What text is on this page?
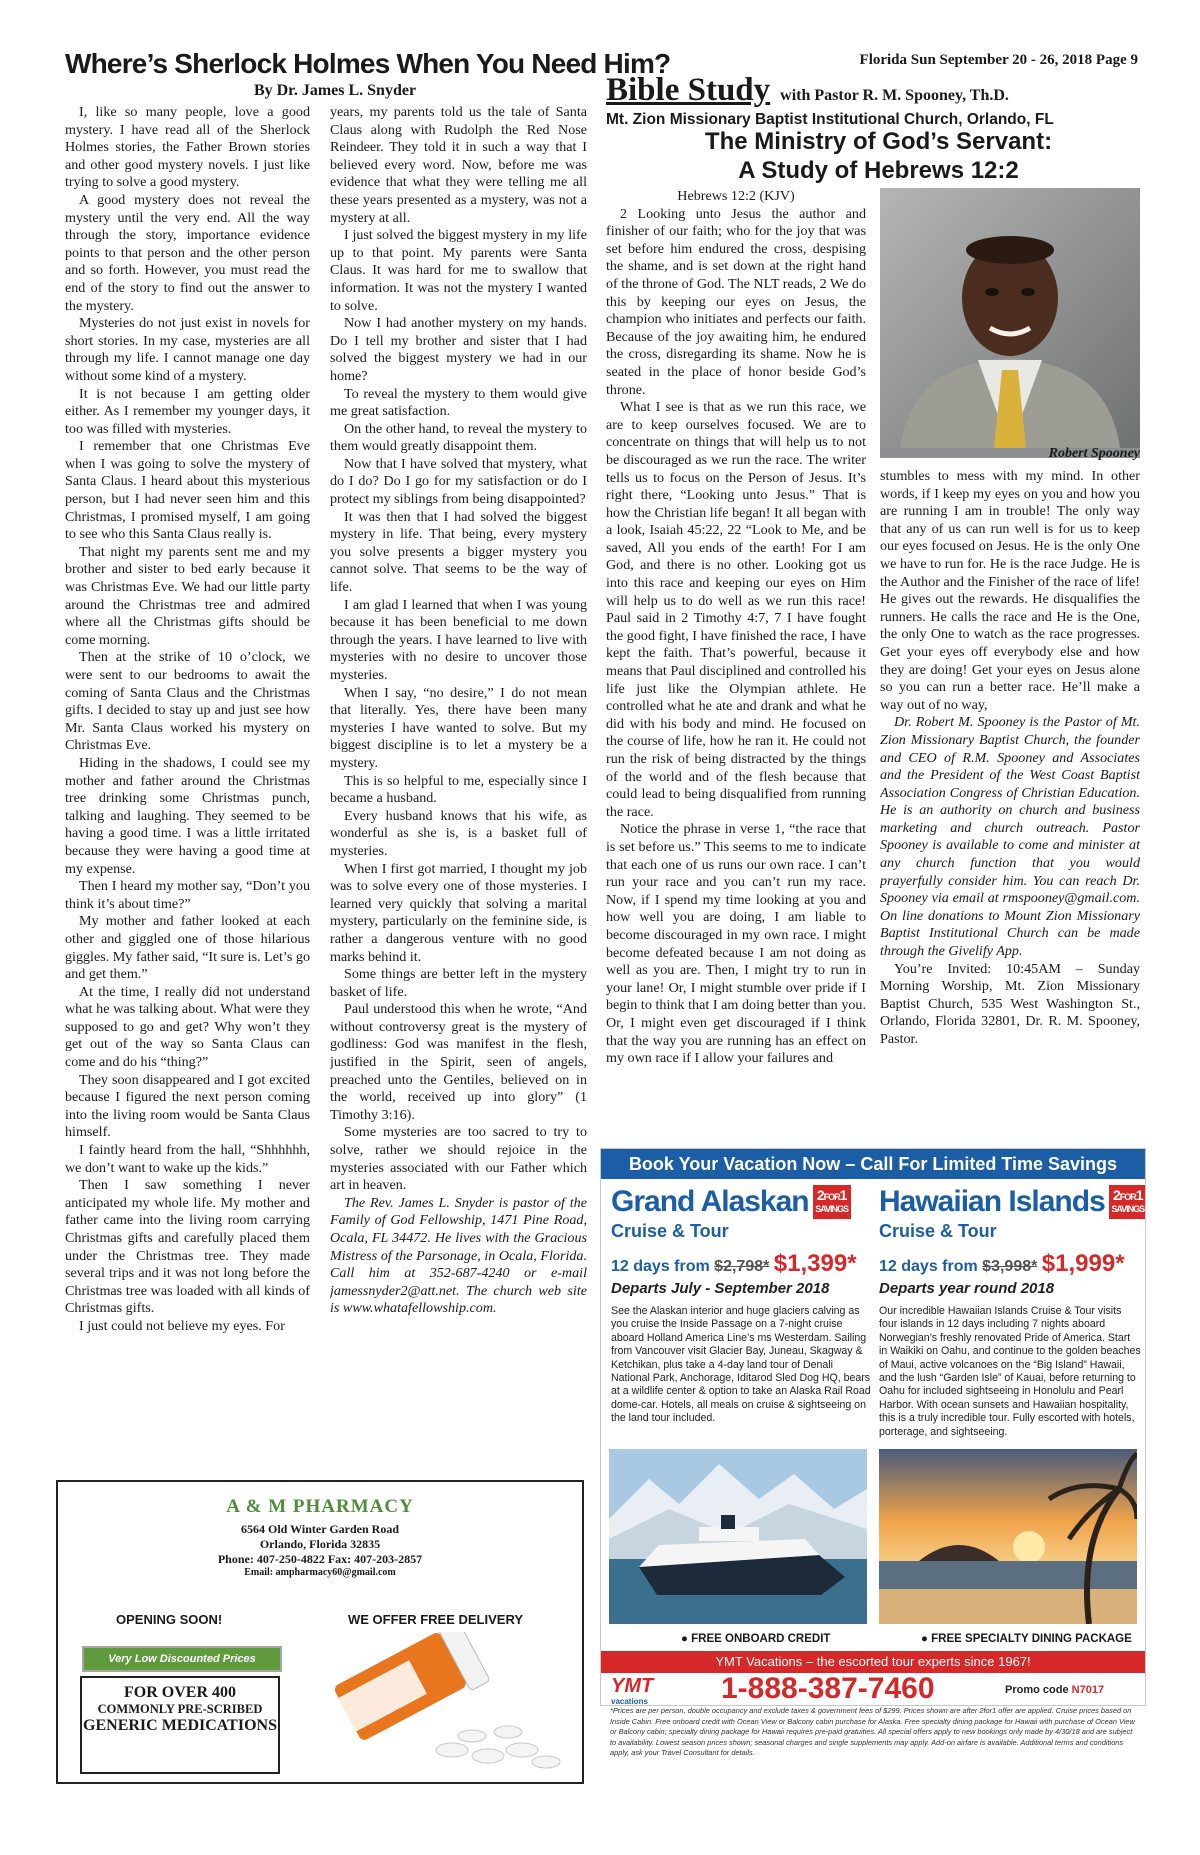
Where’s Sherlock Holmes When You Need Him?
By Dr. James L. Snyder

I, like so many people, love a good mystery. I have read all of the Sherlock Holmes stories, the Father Brown stories and other good mystery novels. I just like trying to solve a good mystery.

A good mystery does not reveal the mystery until the very end. All the way through the story, importance evidence points to that person and the other person and so forth. However, you must read the end of the story to find out the answer to the mystery.

Mysteries do not just exist in novels for short stories. In my case, mysteries are all through my life. I cannot manage one day without some kind of a mystery.

It is not because I am getting older either. As I remember my younger days, it too was filled with mysteries.

I remember that one Christmas Eve when I was going to solve the mystery of Santa Claus. I heard about this mysterious person, but I had never seen him and this Christmas, I promised myself, I am going to see who this Santa Claus really is.

That night my parents sent me and my brother and sister to bed early because it was Christmas Eve. We had our little party around the Christmas tree and admired where all the Christmas gifts should be come morning.

Then at the strike of 10 o’clock, we were sent to our bedrooms to await the coming of Santa Claus and the Christmas gifts. I decided to stay up and just see how Mr. Santa Claus worked his mystery on Christmas Eve.

Hiding in the shadows, I could see my mother and father around the Christmas tree drinking some Christmas punch, talking and laughing. They seemed to be having a good time. I was a little irritated because they were having a good time at my expense.

Then I heard my mother say, “Don’t you think it’s about time?”

My mother and father looked at each other and giggled one of those hilarious giggles. My father said, “It sure is. Let’s go and get them.”

At the time, I really did not understand what he was talking about. What were they supposed to go and get? Why won’t they get out of the way so Santa Claus can come and do his “thing?”

They soon disappeared and I got excited because I figured the next person coming into the living room would be Santa Claus himself.

I faintly heard from the hall, “Shhhhhh, we don’t want to wake up the kids.”

Then I saw something I never anticipated my whole life. My mother and father came into the living room carrying Christmas gifts and carefully placed them under the Christmas tree. They made several trips and it was not long before the Christmas tree was loaded with all kinds of Christmas gifts.

I just could not believe my eyes. For

years, my parents told us the tale of Santa Claus along with Rudolph the Red Nose Reindeer. They told it in such a way that I believed every word. Now, before me was evidence that what they were telling me all these years presented as a mystery, was not a mystery at all.

I just solved the biggest mystery in my life up to that point. My parents were Santa Claus. It was hard for me to swallow that information. It was not the mystery I wanted to solve.

Now I had another mystery on my hands. Do I tell my brother and sister that I had solved the biggest mystery we had in our home?

To reveal the mystery to them would give me great satisfaction.

On the other hand, to reveal the mystery to them would greatly disappoint them.

Now that I have solved that mystery, what do I do? Do I go for my satisfaction or do I protect my siblings from being disappointed?

It was then that I had solved the biggest mystery in life. That being, every mystery you solve presents a bigger mystery you cannot solve. That seems to be the way of life.

I am glad I learned that when I was young because it has been beneficial to me down through the years. I have learned to live with mysteries with no desire to uncover those mysteries.

When I say, “no desire,” I do not mean that literally. Yes, there have been many mysteries I have wanted to solve. But my biggest discipline is to let a mystery be a mystery.

This is so helpful to me, especially since I became a husband.

Every husband knows that his wife, as wonderful as she is, is a basket full of mysteries.

When I first got married, I thought my job was to solve every one of those mysteries. I learned very quickly that solving a marital mystery, particularly on the feminine side, is rather a dangerous venture with no good marks behind it.

Some things are better left in the mystery basket of life.

Paul understood this when he wrote, “And without controversy great is the mystery of godliness: God was manifest in the flesh, justified in the Spirit, seen of angels, preached unto the Gentiles, believed on in the world, received up into glory” (1 Timothy 3:16).

Some mysteries are too sacred to try to solve, rather we should rejoice in the mysteries associated with our Father which art in heaven.

The Rev. James L. Snyder is pastor of the Family of God Fellowship, 1471 Pine Road, Ocala, FL 34472. He lives with the Gracious Mistress of the Parsonage, in Ocala, Florida. Call him at 352-687-4240 or e-mail jamessnyder2@att.net. The church web site is www.whatafellowship.com.

Florida Sun September 20 - 26, 2018 Page 9
Bible Study with Pastor R. M. Spooney, Th.D.
Mt. Zion Missionary Baptist Institutional Church, Orlando, FL
The Ministry of God’s Servant:
A Study of Hebrews 12:2

Hebrews 12:2 (KJV)

2 Looking unto Jesus the author and finisher of our faith; who for the joy that was set before him endured the cross, despising the shame, and is set down at the right hand of the throne of God. The NLT reads, 2 We do this by keeping our eyes on Jesus, the champion who initiates and perfects our faith. Because of the joy awaiting him, he endured the cross, disregarding its shame. Now he is seated in the place of honor beside God’s throne.

What I see is that as we run this race, we are to keep ourselves focused. We are to concentrate on things that will help us to not be discouraged as we run the race. The writer tells us to focus on the Person of Jesus. It’s right there, “Looking unto Jesus.” That is how the Christian life began! It all began with a look, Isaiah 45:22, 22 “Look to Me, and be saved, All you ends of the earth! For I am God, and there is no other. Looking got us into this race and keeping our eyes on Him will help us to do well as we run this race! Paul said in 2 Timothy 4:7, 7 I have fought the good fight, I have finished the race, I have kept the faith. That’s powerful, because it means that Paul disciplined and controlled his life just like the Olympian athlete. He controlled what he ate and drank and what he did with his body and mind. He focused on the course of life, how he ran it. He could not run the risk of being distracted by the things of the world and of the flesh because that could lead to being disqualified from running the race.

Notice the phrase in verse 1, “the race that is set before us.” This seems to me to indicate that each one of us runs our own race. I can’t run your race and you can’t run my race. Now, if I spend my time looking at you and how well you are doing, I am liable to become discouraged in my own race. I might become defeated because I am not doing as well as you are. Then, I might try to run in your lane! Or, I might stumble over pride if I begin to think that I am doing better than you. Or, I might even get discouraged if I think that the way you are running has an effect on my own race if I allow your failures and

Robert Spooney

stumbles to mess with my mind. In other words, if I keep my eyes on you and how you are running I am in trouble! The only way that any of us can run well is for us to keep our eyes focused on Jesus. He is the only One we have to run for. He is the race Judge. He is the Author and the Finisher of the race of life! He gives out the rewards. He disqualifies the runners. He calls the race and He is the One, the only One to watch as the race progresses. Get your eyes off everybody else and how they are doing! Get your eyes on Jesus alone so you can run a better race. He’ll make a way out of no way,

Dr. Robert M. Spooney is the Pastor of Mt. Zion Missionary Baptist Church, the founder and CEO of R.M. Spooney and Associates and the President of the West Coast Baptist Association Congress of Christian Education. He is an authority on church and business marketing and church outreach. Pastor Spooney is available to come and minister at any church function that you would prayerfully consider him. You can reach Dr. Spooney via email at rmspooney@gmail.com. On line donations to Mount Zion Missionary Baptist Institutional Church can be made through the Givelify App.

You’re Invited: 10:45AM – Sunday Morning Worship, Mt. Zion Missionary Baptist Church, 535 West Washington St., Orlando, Florida 32801, Dr. R. M. Spooney, Pastor.

Book Your Vacation Now – Call For Limited Time Savings
Grand Alaskan 2FOR1
SAVINGS
Cruise & Tour
12 days from $2,798* $1,399*
Departs July - September 2018
See the Alaskan interior and huge glaciers calving as you cruise the Inside Passage on a 7-night cruise aboard Holland America Line’s ms Westerdam. Sailing from Vancouver visit Glacier Bay, Juneau, Skagway & Ketchikan, plus take a 4-day land tour of Denali National Park, Anchorage, Iditarod Sled Dog HQ, bears at a wildlife center & option to take an Alaska Rail Road dome-car. Hotels, all meals on cruise & sightseeing on the land tour included.
Hawaiian Islands 2FOR1
SAVINGS
Cruise & Tour
12 days from $3,998* $1,999*
Departs year round 2018
Our incredible Hawaiian Islands Cruise & Tour visits four islands in 12 days including 7 nights aboard Norwegian’s freshly renovated Pride of America. Start in Waikiki on Oahu, and continue to the golden beaches of Maui, active volcanoes on the “Big Island” Hawaii, and the lush “Garden Isle” of Kauai, before returning to Oahu for included sightseeing in Honolulu and Pearl Harbor. With ocean sunsets and Hawaiian hospitality, this is a truly incredible tour. Fully escorted with hotels, porterage, and sightseeing.
● FREE ONBOARD CREDIT	● FREE SPECIALTY DINING PACKAGE
YMT Vacations – the escorted tour experts since 1967!
YMT
vacations	1-888-387-7460	Promo code N7017
*Prices are per person, double occupancy and exclude taxes & government fees of $299. Prices shown are after 2for1 offer are applied. Cruise prices based on Inside Cabin. Free onboard credit with Ocean View or Balcony cabin purchase for Alaska. Free specialty dining package for Hawaii with purchase of Ocean View or Balcony cabin; specialty dining package for Hawaii requires pre-paid gratuities. All special offers apply to new bookings only made by 4/30/18 and are subject to availability. Lowest season prices shown; seasonal charges and single supplements may apply. Add-on airfare is available. Additional terms and conditions apply, ask your Travel Consultant for details.
A & M PHARMACY
6564 Old Winter Garden Road
Orlando, Florida 32835
Phone: 407-250-4822 Fax: 407-203-2857
Email: ampharmacy60@gmail.com
OPENING SOON!	WE OFFER FREE DELIVERY
Very Low Discounted Prices
FOR OVER 400
COMMONLY PRE-SCRIBED
GENERIC MEDICATIONS
